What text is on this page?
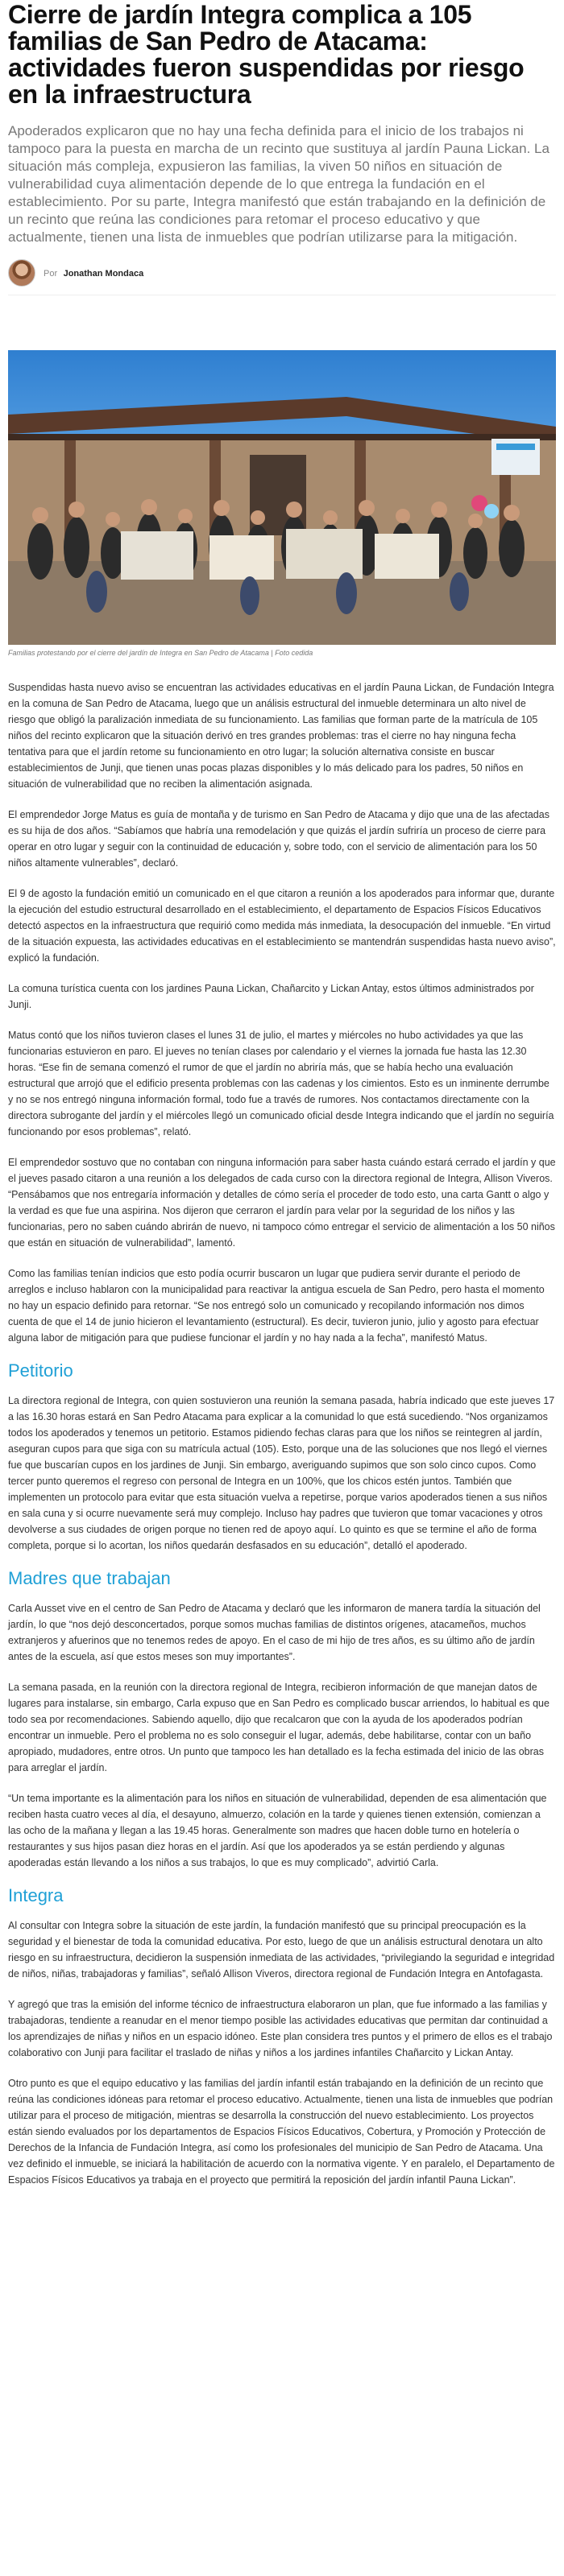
Cierre de jardín Integra complica a 105 familias de San Pedro de Atacama: actividades fueron suspendidas por riesgo en la infraestructura

Apoderados explicaron que no hay una fecha definida para el inicio de los trabajos ni tampoco para la puesta en marcha de un recinto que sustituya al jardín Pauna Lickan. La situación más compleja, expusieron las familias, la viven 50 niños en situación de vulnerabilidad cuya alimentación depende de lo que entrega la fundación en el establecimiento. Por su parte, Integra manifestó que están trabajando en la definición de un recinto que reúna las condiciones para retomar el proceso educativo y que actualmente, tienen una lista de inmuebles que podrían utilizarse para la mitigación.

Por Jonathan Mondaca

Familias protestando por el cierre del jardín de Integra en San Pedro de Atacama | Foto cedida

Suspendidas hasta nuevo aviso se encuentran las actividades educativas en el jardín Pauna Lickan, de Fundación Integra en la comuna de San Pedro de Atacama, luego que un análisis estructural del inmueble determinara un alto nivel de riesgo que obligó la paralización inmediata de su funcionamiento. Las familias que forman parte de la matrícula de 105 niños del recinto explicaron que la situación derivó en tres grandes problemas: tras el cierre no hay ninguna fecha tentativa para que el jardín retome su funcionamiento en otro lugar; la solución alternativa consiste en buscar establecimientos de Junji, que tienen unas pocas plazas disponibles y lo más delicado para los padres, 50 niños en situación de vulnerabilidad que no reciben la alimentación asignada.

El emprendedor Jorge Matus es guía de montaña y de turismo en San Pedro de Atacama y dijo que una de las afectadas es su hija de dos años. “Sabíamos que habría una remodelación y que quizás el jardín sufriría un proceso de cierre para operar en otro lugar y seguir con la continuidad de educación y, sobre todo, con el servicio de alimentación para los 50 niños altamente vulnerables”, declaró.

El 9 de agosto la fundación emitió un comunicado en el que citaron a reunión a los apoderados para informar que, durante la ejecución del estudio estructural desarrollado en el establecimiento, el departamento de Espacios Físicos Educativos detectó aspectos en la infraestructura que requirió como medida más inmediata, la desocupación del inmueble. “En virtud de la situación expuesta, las actividades educativas en el establecimiento se mantendrán suspendidas hasta nuevo aviso”, explicó la fundación.

La comuna turística cuenta con los jardines Pauna Lickan, Chañarcito y Lickan Antay, estos últimos administrados por Junji.

Matus contó que los niños tuvieron clases el lunes 31 de julio, el martes y miércoles no hubo actividades ya que las funcionarias estuvieron en paro. El jueves no tenían clases por calendario y el viernes la jornada fue hasta las 12.30 horas. “Ese fin de semana comenzó el rumor de que el jardín no abriría más, que se había hecho una evaluación estructural que arrojó que el edificio presenta problemas con las cadenas y los cimientos. Esto es un inminente derrumbe y no se nos entregó ninguna información formal, todo fue a través de rumores. Nos contactamos directamente con la directora subrogante del jardín y el miércoles llegó un comunicado oficial desde Integra indicando que el jardín no seguiría funcionando por esos problemas”, relató.

El emprendedor sostuvo que no contaban con ninguna información para saber hasta cuándo estará cerrado el jardín y que el jueves pasado citaron a una reunión a los delegados de cada curso con la directora regional de Integra, Allison Viveros. “Pensábamos que nos entregaría información y detalles de cómo sería el proceder de todo esto, una carta Gantt o algo y la verdad es que fue una aspirina. Nos dijeron que cerraron el jardín para velar por la seguridad de los niños y las funcionarias, pero no saben cuándo abrirán de nuevo, ni tampoco cómo entregar el servicio de alimentación a los 50 niños que están en situación de vulnerabilidad”, lamentó.

Como las familias tenían indicios que esto podía ocurrir buscaron un lugar que pudiera servir durante el periodo de arreglos e incluso hablaron con la municipalidad para reactivar la antigua escuela de San Pedro, pero hasta el momento no hay un espacio definido para retornar. “Se nos entregó solo un comunicado y recopilando información nos dimos cuenta de que el 14 de junio hicieron el levantamiento (estructural). Es decir, tuvieron junio, julio y agosto para efectuar alguna labor de mitigación para que pudiese funcionar el jardín y no hay nada a la fecha”, manifestó Matus.

Petitorio

La directora regional de Integra, con quien sostuvieron una reunión la semana pasada, habría indicado que este jueves 17 a las 16.30 horas estará en San Pedro Atacama para explicar a la comunidad lo que está sucediendo. “Nos organizamos todos los apoderados y tenemos un petitorio. Estamos pidiendo fechas claras para que los niños se reintegren al jardín, aseguran cupos para que siga con su matrícula actual (105). Esto, porque una de las soluciones que nos llegó el viernes fue que buscarían cupos en los jardines de Junji. Sin embargo, averiguando supimos que son solo cinco cupos. Como tercer punto queremos el regreso con personal de Integra en un 100%, que los chicos estén juntos. También que implementen un protocolo para evitar que esta situación vuelva a repetirse, porque varios apoderados tienen a sus niños en sala cuna y si ocurre nuevamente será muy complejo. Incluso hay padres que tuvieron que tomar vacaciones y otros devolverse a sus ciudades de origen porque no tienen red de apoyo aquí. Lo quinto es que se termine el año de forma completa, porque si lo acortan, los niños quedarán desfasados en su educación”, detalló el apoderado.

Madres que trabajan

Carla Ausset vive en el centro de San Pedro de Atacama y declaró que les informaron de manera tardía la situación del jardín, lo que “nos dejó desconcertados, porque somos muchas familias de distintos orígenes, atacameños, muchos extranjeros y afuerinos que no tenemos redes de apoyo. En el caso de mi hijo de tres años, es su último año de jardín antes de la escuela, así que estos meses son muy importantes”.

La semana pasada, en la reunión con la directora regional de Integra, recibieron información de que manejan datos de lugares para instalarse, sin embargo, Carla expuso que en San Pedro es complicado buscar arriendos, lo habitual es que todo sea por recomendaciones. Sabiendo aquello, dijo que recalcaron que con la ayuda de los apoderados podrían encontrar un inmueble. Pero el problema no es solo conseguir el lugar, además, debe habilitarse, contar con un baño apropiado, mudadores, entre otros. Un punto que tampoco les han detallado es la fecha estimada del inicio de las obras para arreglar el jardín.

“Un tema importante es la alimentación para los niños en situación de vulnerabilidad, dependen de esa alimentación que reciben hasta cuatro veces al día, el desayuno, almuerzo, colación en la tarde y quienes tienen extensión, comienzan a las ocho de la mañana y llegan a las 19.45 horas. Generalmente son madres que hacen doble turno en hotelería o restaurantes y sus hijos pasan diez horas en el jardín. Así que los apoderados ya se están perdiendo y algunas apoderadas están llevando a los niños a sus trabajos, lo que es muy complicado”, advirtió Carla.

Integra

Al consultar con Integra sobre la situación de este jardín, la fundación manifestó que su principal preocupación es la seguridad y el bienestar de toda la comunidad educativa. Por esto, luego de que un análisis estructural denotara un alto riesgo en su infraestructura, decidieron la suspensión inmediata de las actividades, “privilegiando la seguridad e integridad de niños, niñas, trabajadoras y familias”, señaló Allison Viveros, directora regional de Fundación Integra en Antofagasta.

Y agregó que tras la emisión del informe técnico de infraestructura elaboraron un plan, que fue informado a las familias y trabajadoras, tendiente a reanudar en el menor tiempo posible las actividades educativas que permitan dar continuidad a los aprendizajes de niñas y niños en un espacio idóneo. Este plan considera tres puntos y el primero de ellos es el trabajo colaborativo con Junji para facilitar el traslado de niñas y niños a los jardines infantiles Chañarcito y Lickan Antay.

Otro punto es que el equipo educativo y las familias del jardín infantil están trabajando en la definición de un recinto que reúna las condiciones idóneas para retomar el proceso educativo. Actualmente, tienen una lista de inmuebles que podrían utilizar para el proceso de mitigación, mientras se desarrolla la construcción del nuevo establecimiento. Los proyectos están siendo evaluados por los departamentos de Espacios Físicos Educativos, Cobertura, y Promoción y Protección de Derechos de la Infancia de Fundación Integra, así como los profesionales del municipio de San Pedro de Atacama. Una vez definido el inmueble, se iniciará la habilitación de acuerdo con la normativa vigente. Y en paralelo, el Departamento de Espacios Físicos Educativos ya trabaja en el proyecto que permitirá la reposición del jardín infantil Pauna Lickan”.
